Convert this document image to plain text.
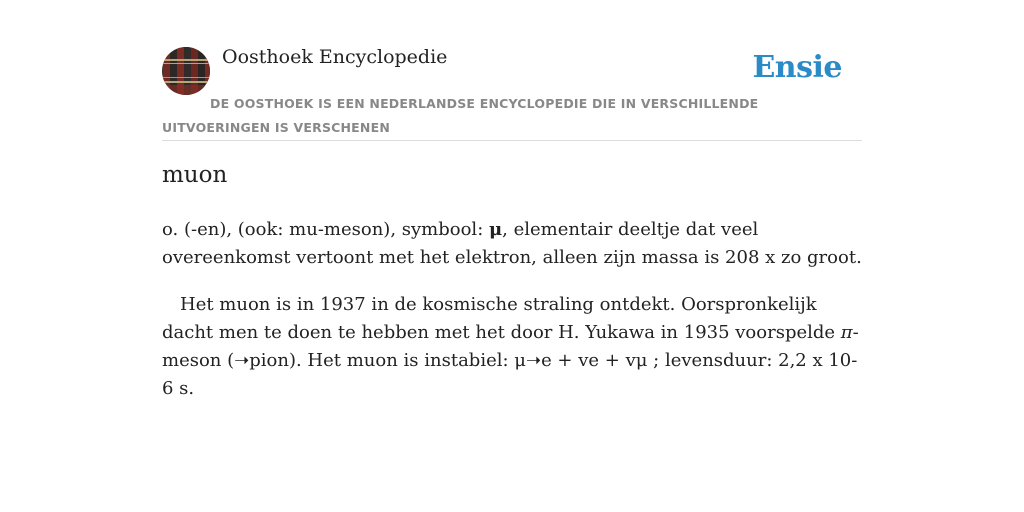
Oosthoek Encyclopedie	Ensie
DE OOSTHOEK IS EEN NEDERLANDSE ENCYCLOPEDIE DIE IN VERSCHILLENDE UITVOERINGEN IS VERSCHENEN
muon

o. (-en), (ook: mu-meson), symbool: μ, elementair deeltje dat veel overeenkomst vertoont met het elektron, alleen zijn massa is 208 x zo groot.

Het muon is in 1937 in de kosmische straling ontdekt. Oorspronkelijk dacht men te doen te hebben met het door H. Yukawa in 1935 voorspelde π-meson (➝pion). Het muon is instabiel: μ➝e + ve + vμ ; levensduur: 2,2 x 10-6 s.
